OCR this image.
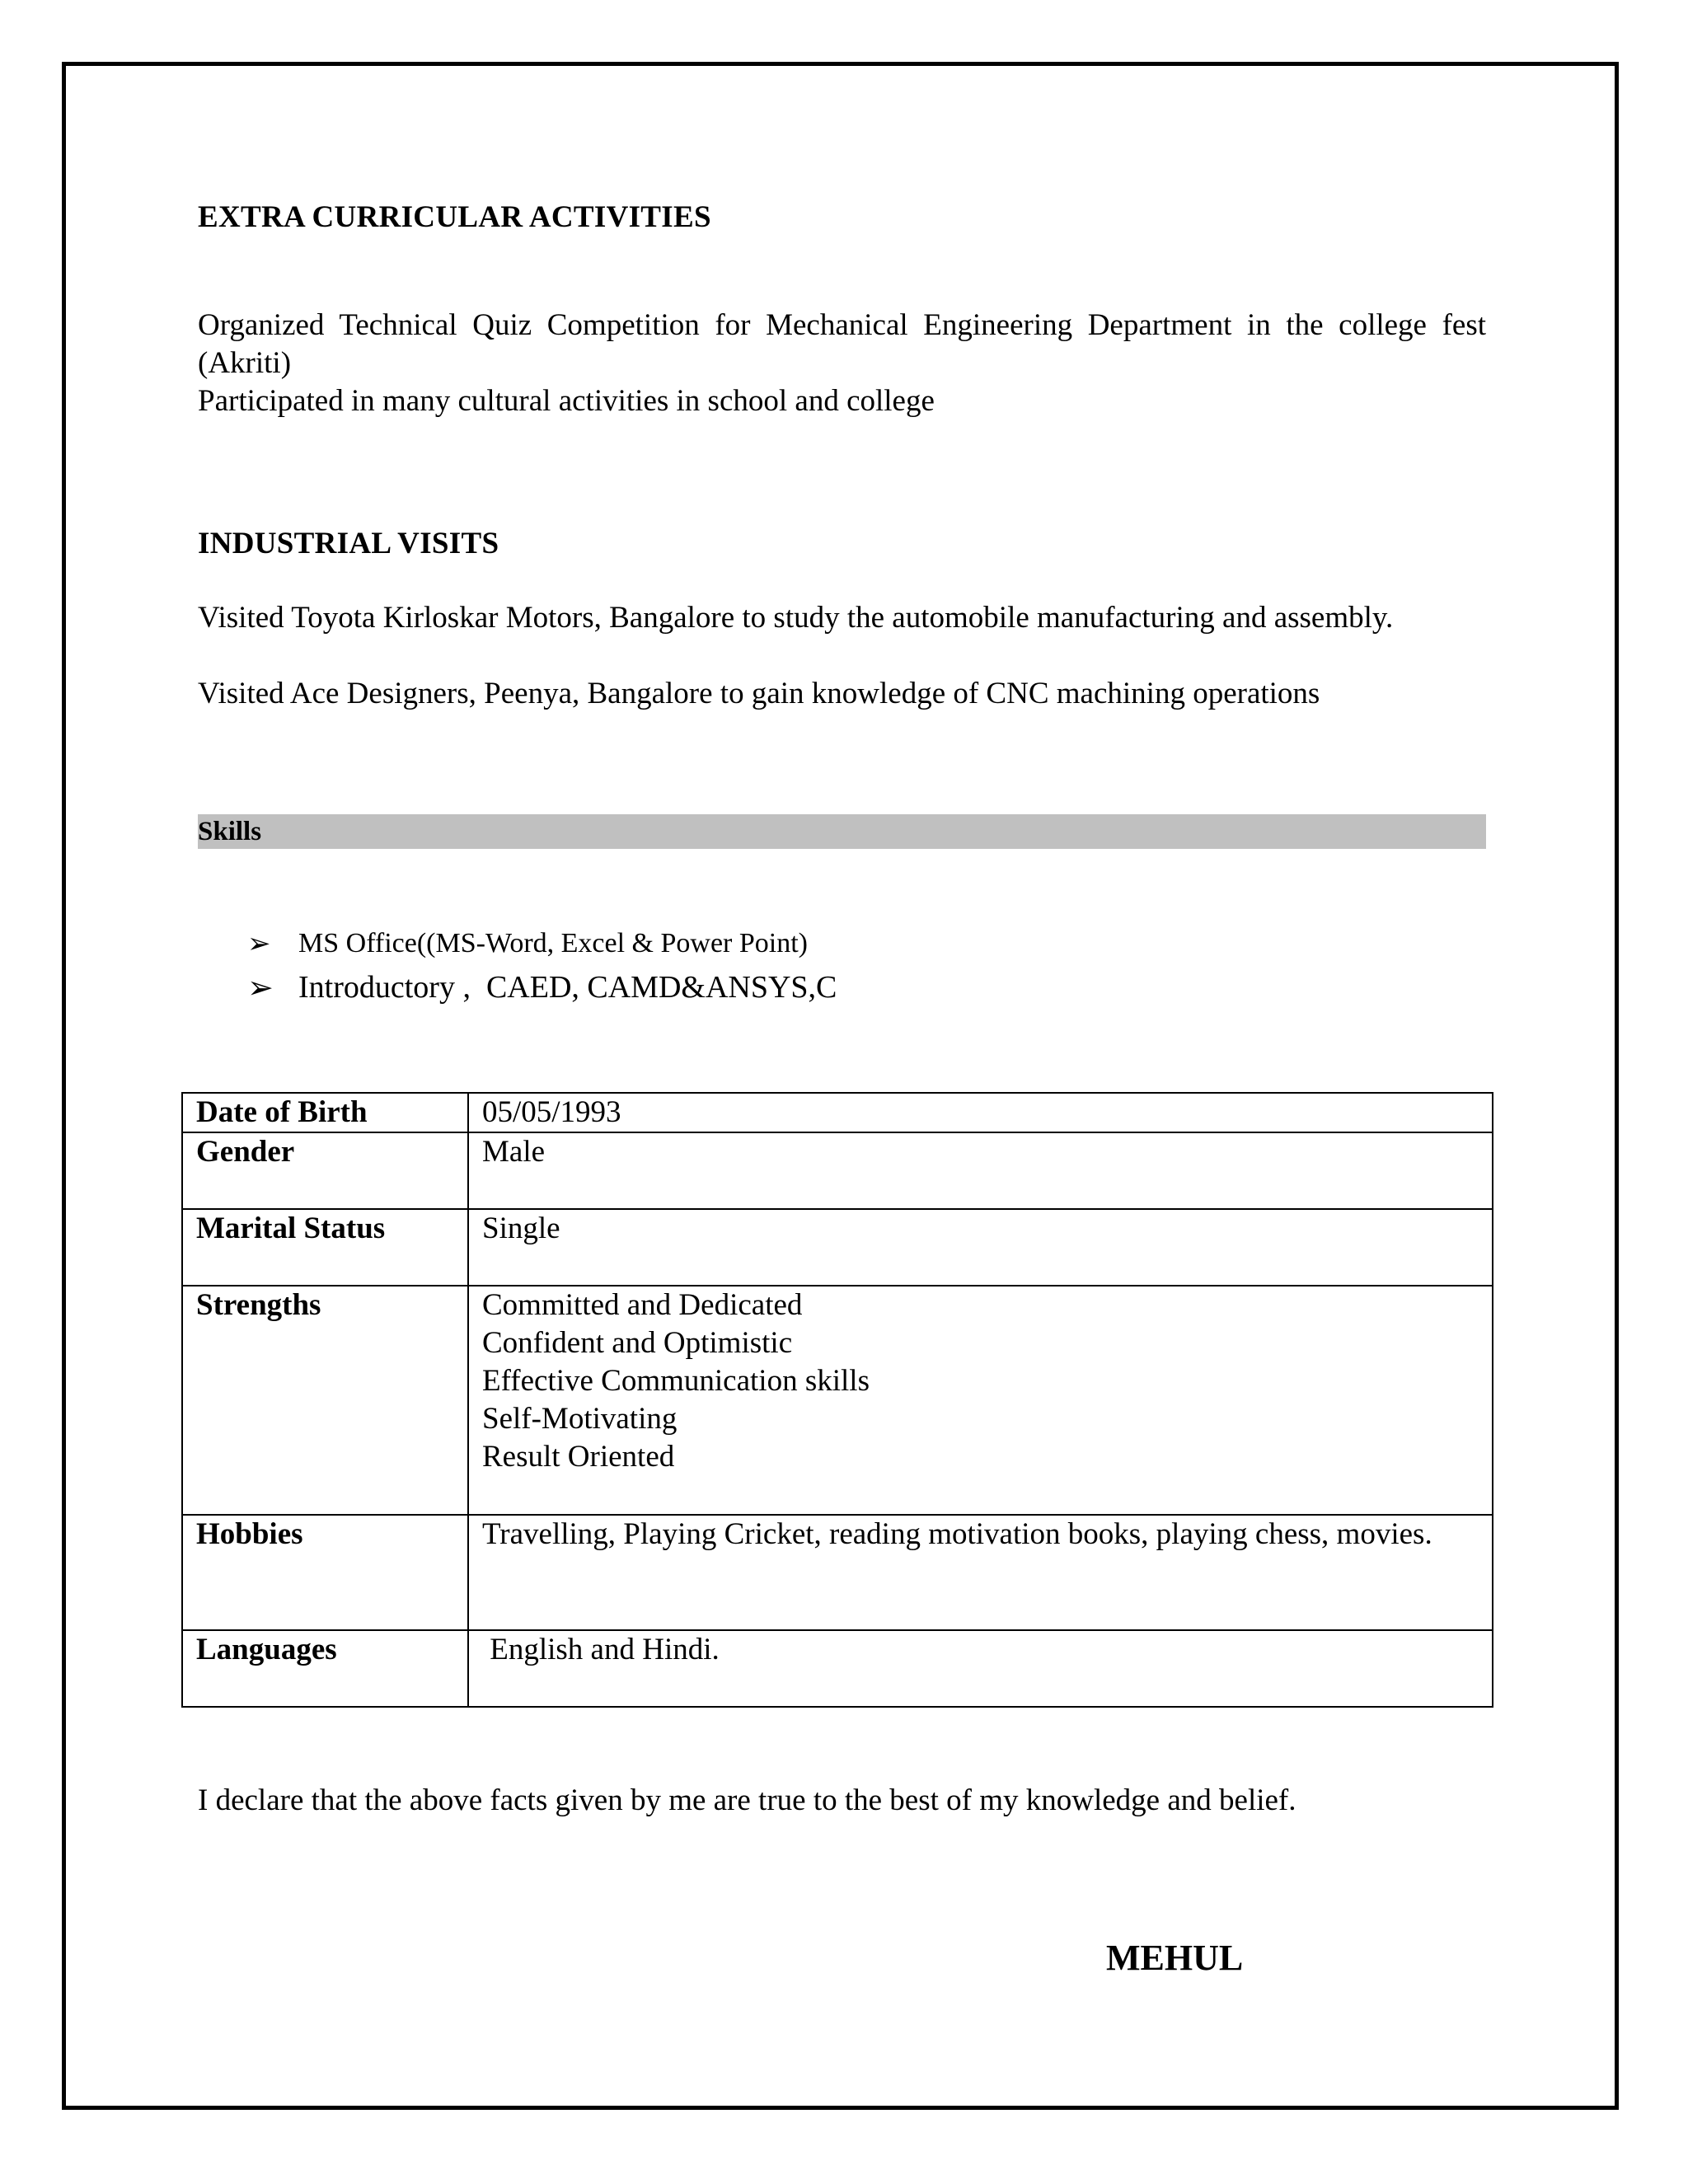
EXTRA CURRICULAR ACTIVITIES
Organized Technical Quiz Competition for Mechanical Engineering Department in the college fest (Akriti)
Participated in many cultural activities in school and college
INDUSTRIAL VISITS
Visited Toyota Kirloskar Motors, Bangalore to study the automobile manufacturing and assembly.
Visited Ace Designers, Peenya, Bangalore to gain knowledge of CNC machining operations
Skills
➢ MS Office((MS-Word, Excel & Power Point)
➢ Introductory ,  CAED, CAMD&ANSYS,C
Date of Birth	05/05/1993
Gender	Male
Marital Status	Single
Strengths	Committed and Dedicated
Confident and Optimistic
Effective Communication skills
Self-Motivating
Result Oriented

Hobbies	Travelling, Playing Cricket, reading motivation books, playing chess, movies.
Languages	English and Hindi.
I declare that the above facts given by me are true to the best of my knowledge and belief.
MEHUL
